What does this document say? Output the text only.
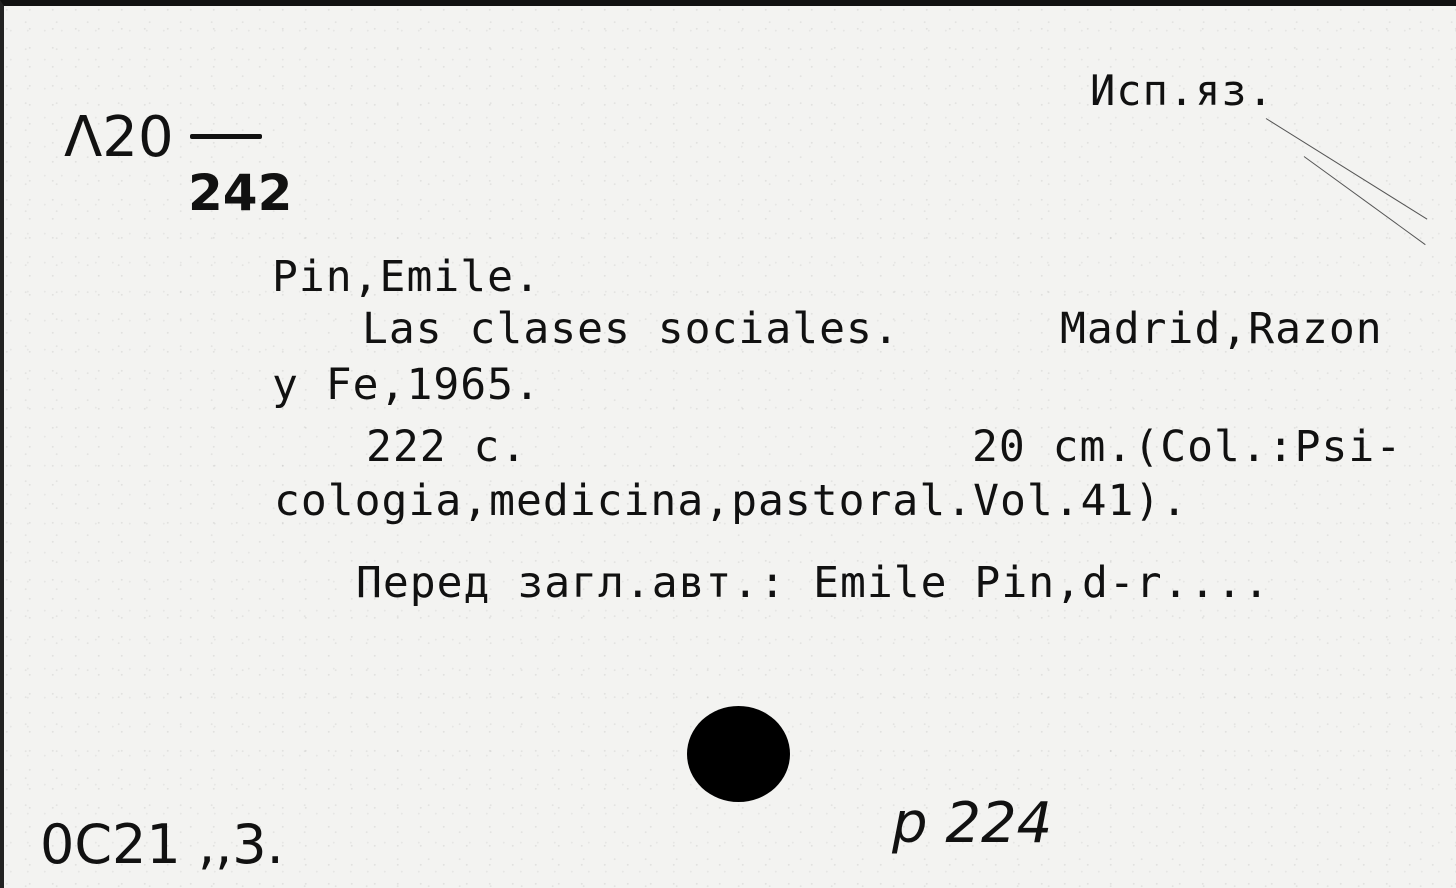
Исп.яз.
Λ20
242
Pin,Emile.
Las clases sociales.	Madrid,Razon
y Fe,1965.
222 c.	20 cm.(Col.:Psi-
cologia,medicina,pastoral.Vol.41).
Перед загл.авт.: Emile Pin,d-r....
0C21 ,,3.	p 224
